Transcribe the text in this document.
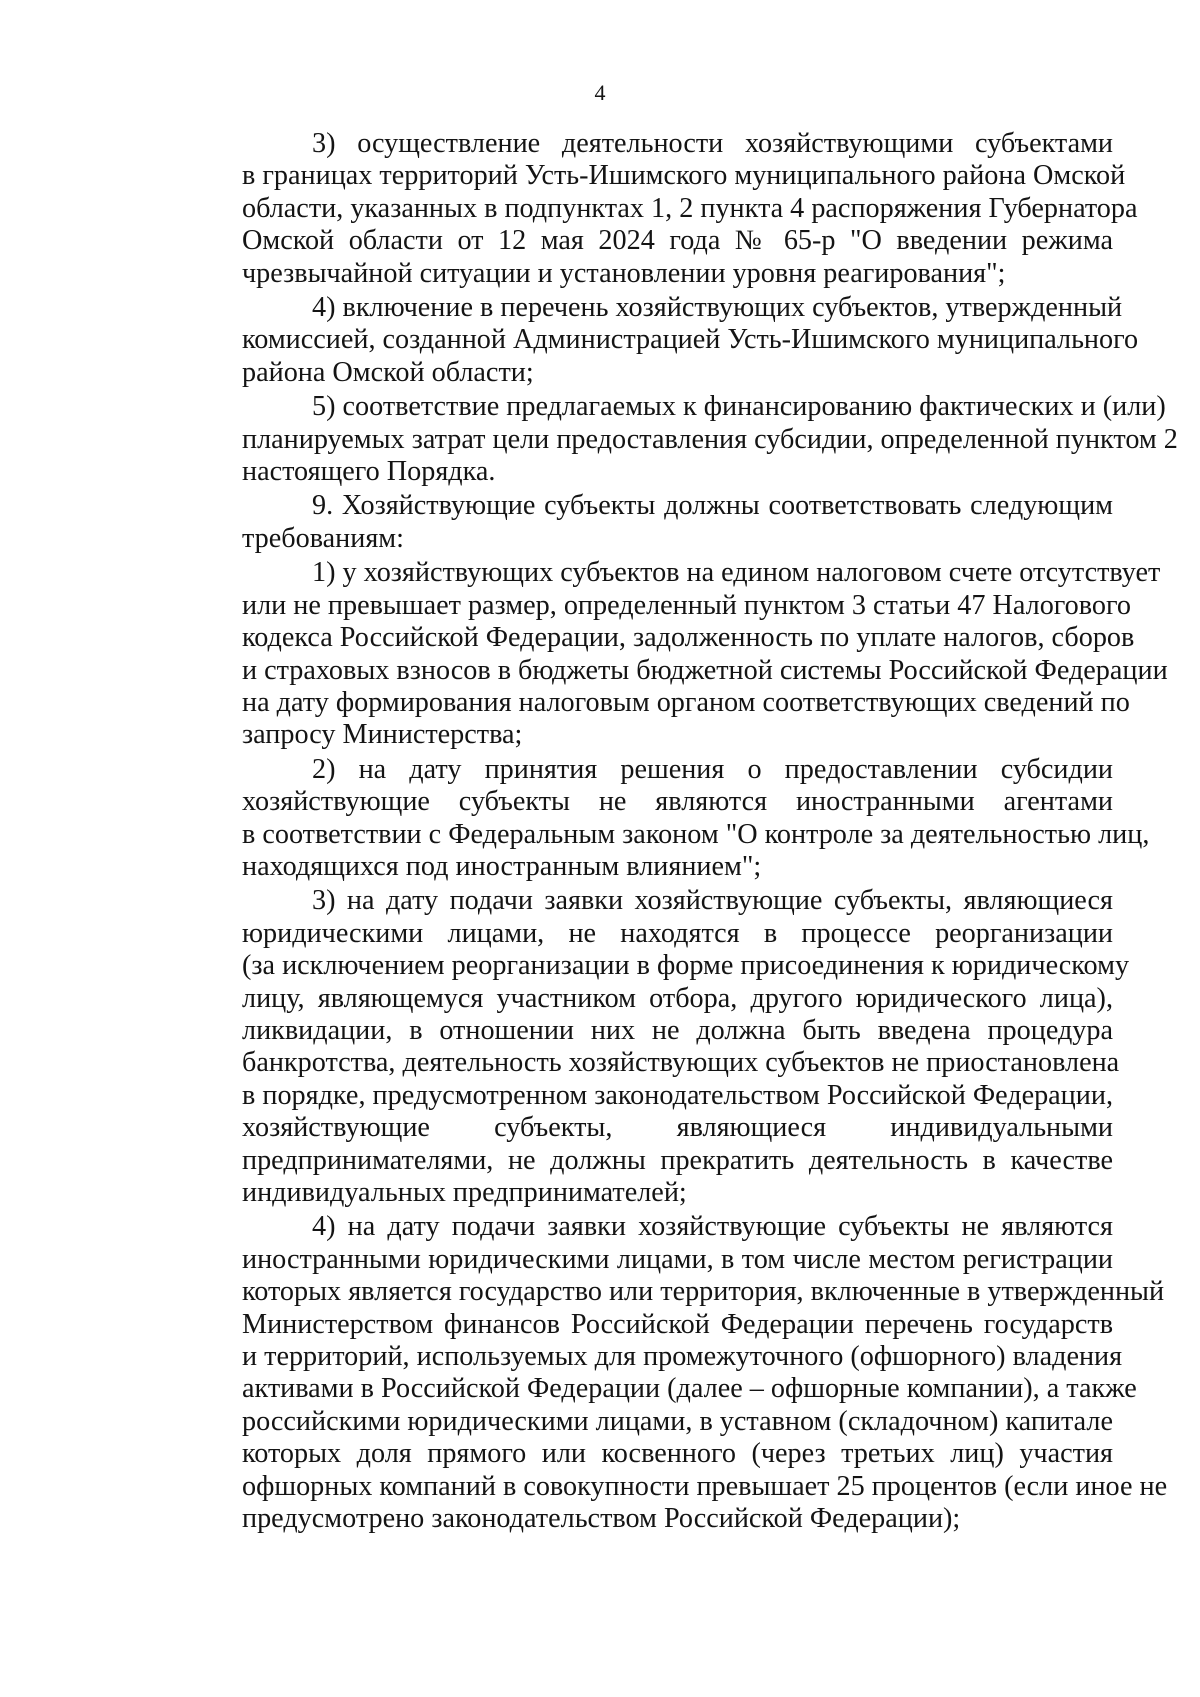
4

3) осуществление деятельности хозяйствующими субъектами
в границах территорий Усть-Ишимского муниципального района Омской
области, указанных в подпунктах 1, 2 пункта 4 распоряжения Губернатора
Омской области от 12 мая 2024 года № 65-р "О введении режима
чрезвычайной ситуации и установлении уровня реагирования";

4) включение в перечень хозяйствующих субъектов, утвержденный
комиссией, созданной Администрацией Усть-Ишимского муниципального
района Омской области;

5) соответствие предлагаемых к финансированию фактических и (или)
планируемых затрат цели предоставления субсидии, определенной пунктом 2
настоящего Порядка.

9. Хозяйствующие субъекты должны соответствовать следующим
требованиям:

1) у хозяйствующих субъектов на едином налоговом счете отсутствует
или не превышает размер, определенный пунктом 3 статьи 47 Налогового
кодекса Российской Федерации, задолженность по уплате налогов, сборов
и страховых взносов в бюджеты бюджетной системы Российской Федерации
на дату формирования налоговым органом соответствующих сведений по
запросу Министерства;

2) на дату принятия решения о предоставлении субсидии
хозяйствующие субъекты не являются иностранными агентами
в соответствии с Федеральным законом "О контроле за деятельностью лиц,
находящихся под иностранным влиянием";

3) на дату подачи заявки хозяйствующие субъекты, являющиеся
юридическими лицами, не находятся в процессе реорганизации
(за исключением реорганизации в форме присоединения к юридическому
лицу, являющемуся участником отбора, другого юридического лица),
ликвидации, в отношении них не должна быть введена процедура
банкротства, деятельность хозяйствующих субъектов не приостановлена
в порядке, предусмотренном законодательством Российской Федерации,
хозяйствующие субъекты, являющиеся индивидуальными
предпринимателями, не должны прекратить деятельность в качестве
индивидуальных предпринимателей;

4) на дату подачи заявки хозяйствующие субъекты не являются
иностранными юридическими лицами, в том числе местом регистрации
которых является государство или территория, включенные в утвержденный
Министерством финансов Российской Федерации перечень государств
и территорий, используемых для промежуточного (офшорного) владения
активами в Российской Федерации (далее – офшорные компании), а также
российскими юридическими лицами, в уставном (складочном) капитале
которых доля прямого или косвенного (через третьих лиц) участия
офшорных компаний в совокупности превышает 25 процентов (если иное не
предусмотрено законодательством Российской Федерации);
